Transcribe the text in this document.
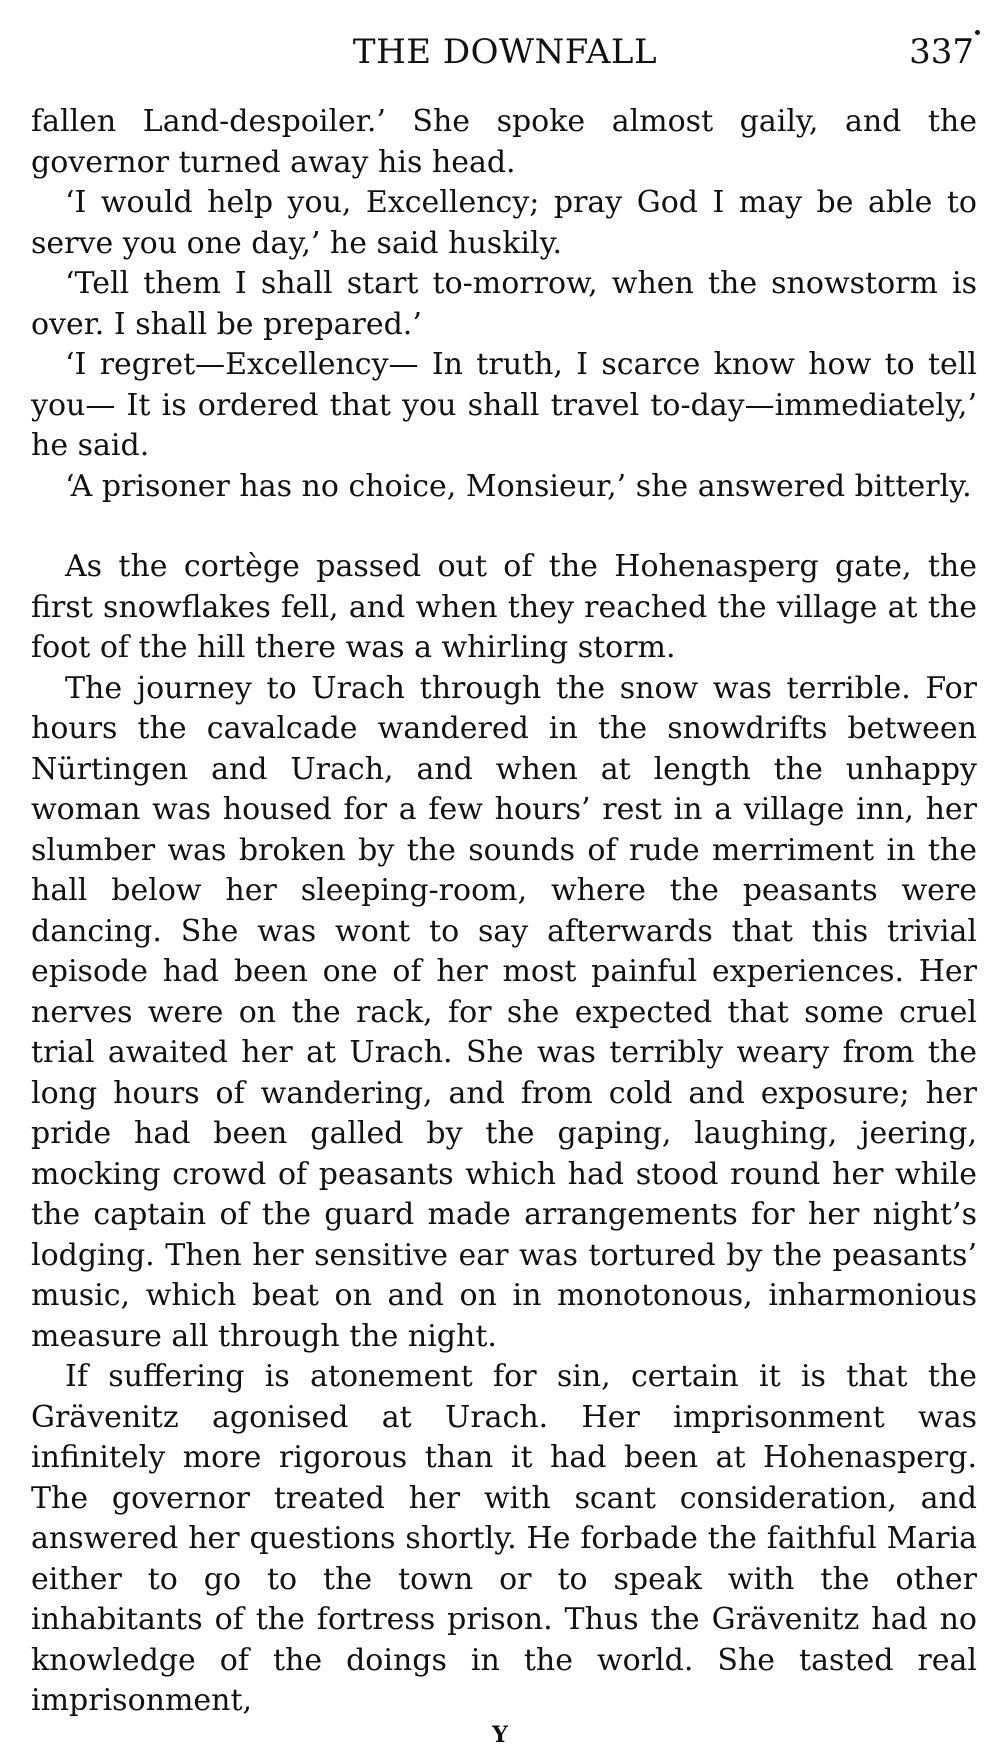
THE DOWNFALL	337

fallen Land-despoiler.’ She spoke almost gaily, and the governor turned away his head.

‘I would help you, Excellency; pray God I may be able to serve you one day,’ he said huskily.

‘Tell them I shall start to-morrow, when the snowstorm is over. I shall be prepared.’

‘I regret—Excellency— In truth, I scarce know how to tell you— It is ordered that you shall travel to-day—immediately,’ he said.

‘A prisoner has no choice, Monsieur,’ she answered bitterly.

As the cortège passed out of the Hohenasperg gate, the first snowflakes fell, and when they reached the village at the foot of the hill there was a whirling storm.

The journey to Urach through the snow was terrible. For hours the cavalcade wandered in the snowdrifts between Nürtingen and Urach, and when at length the unhappy woman was housed for a few hours’ rest in a village inn, her slumber was broken by the sounds of rude merriment in the hall below her sleeping-room, where the peasants were dancing. She was wont to say afterwards that this trivial episode had been one of her most painful experiences. Her nerves were on the rack, for she expected that some cruel trial awaited her at Urach. She was terribly weary from the long hours of wandering, and from cold and exposure; her pride had been galled by the gaping, laughing, jeering, mocking crowd of peasants which had stood round her while the captain of the guard made arrangements for her night’s lodging. Then her sensitive ear was tortured by the peasants’ music, which beat on and on in monotonous, inharmonious measure all through the night.

If suffering is atonement for sin, certain it is that the Grävenitz agonised at Urach. Her imprisonment was infinitely more rigorous than it had been at Hohenasperg. The governor treated her with scant consideration, and answered her questions shortly. He forbade the faithful Maria either to go to the town or to speak with the other inhabitants of the fortress prison. Thus the Grävenitz had no knowledge of the doings in the world. She tasted real imprisonment,

Y
